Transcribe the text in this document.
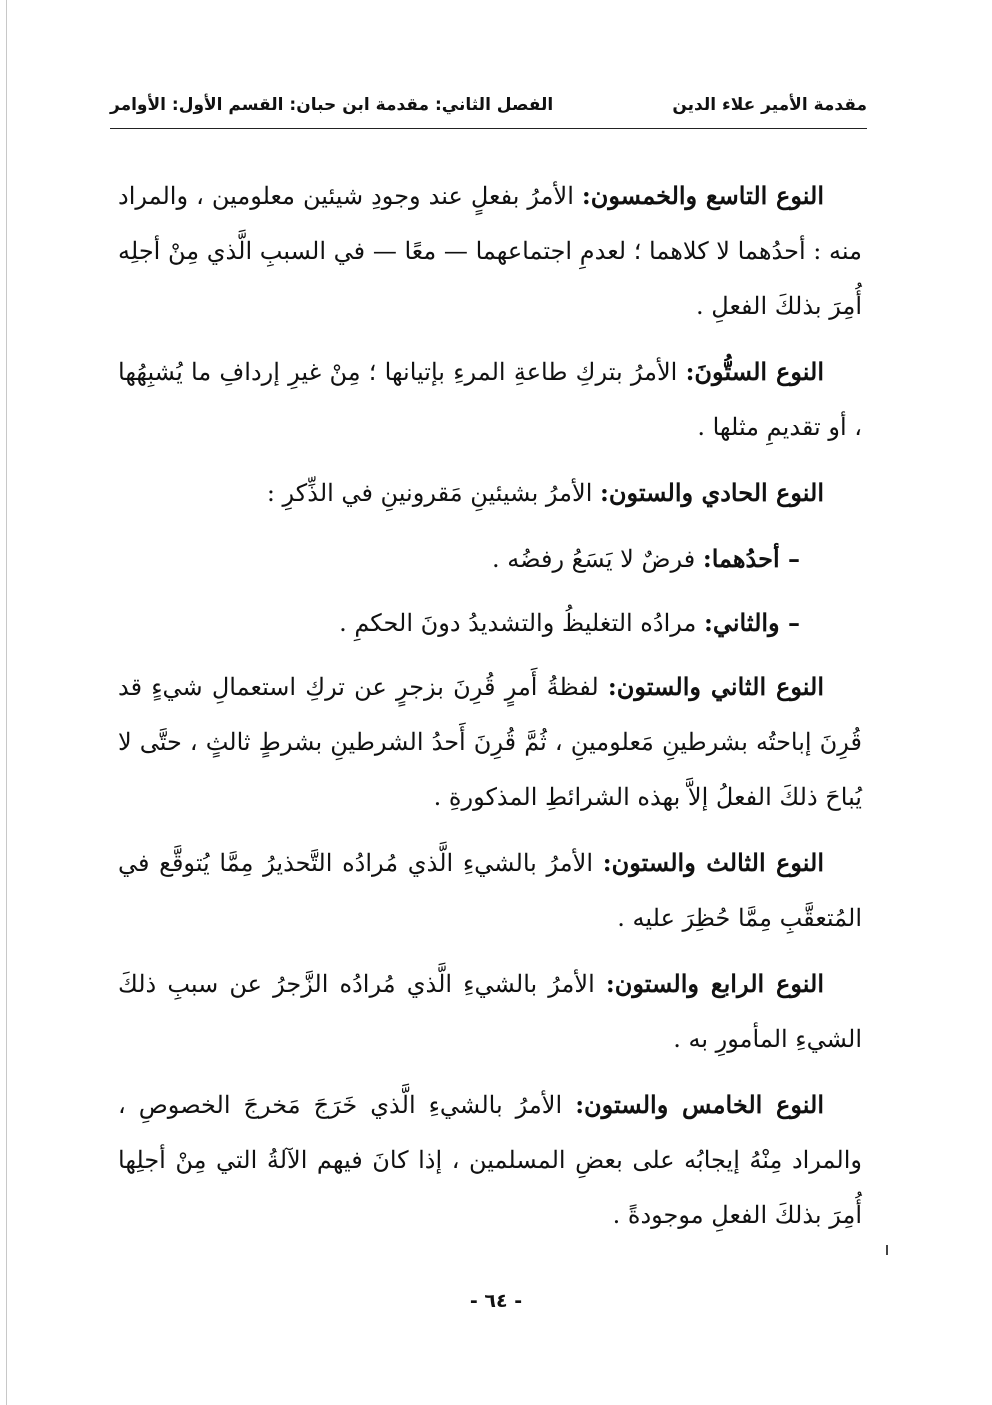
الفصل الثاني: مقدمة ابن حبان: القسم الأول: الأوامر	مقدمة الأمير علاء الدين

النوع التاسع والخمسون: الأمرُ بفعلٍ عند وجودِ شيئين معلومين ، والمراد منه : أحدُهما لا كلاهما ؛ لعدمِ اجتماعهما — معًا — في السببِ الَّذي مِنْ أجلِه أُمِرَ بذلكَ الفعلِ .

النوع الستُّونَ: الأمرُ بتركِ طاعةِ المرءِ بإتيانها ؛ مِنْ غيرِ إردافِ ما يُشبِهُها ، أو تقديمِ مثلها .

النوع الحادي والستون: الأمرُ بشيئينِ مَقرونينِ في الذِّكرِ :

– أحدُهما: فرضٌ لا يَسَعُ رفضُه .

– والثاني: مرادُه التغليظُ والتشديدُ دونَ الحكمِ .

النوع الثاني والستون: لفظةُ أَمرٍ قُرِنَ بزجرٍ عن تركِ استعمالِ شيءٍ قد قُرِنَ إباحتُه بشرطينِ مَعلومينِ ، ثُمَّ قُرِنَ أَحدُ الشرطينِ بشرطٍ ثالثٍ ، حتَّى لا يُباحَ ذلكَ الفعلُ إلاَّ بهذه الشرائطِ المذكورةِ .

النوع الثالث والستون: الأمرُ بالشيءِ الَّذي مُرادُه التَّحذيرُ مِمَّا يُتوقَّع في المُتعقَّبِ مِمَّا حُظِرَ عليه .

النوع الرابع والستون: الأمرُ بالشيءِ الَّذي مُرادُه الزَّجرُ عن سببِ ذلكَ الشيءِ المأمورِ به .

النوع الخامس والستون: الأمرُ بالشيءِ الَّذي خَرَجَ مَخرجَ الخصوصِ ، والمراد مِنْهُ إيجابُه على بعضِ المسلمين ، إذا كانَ فيهم الآلةُ التي مِنْ أجلِها أُمِرَ بذلكَ الفعلِ موجودةً .

- ٦٤ -
